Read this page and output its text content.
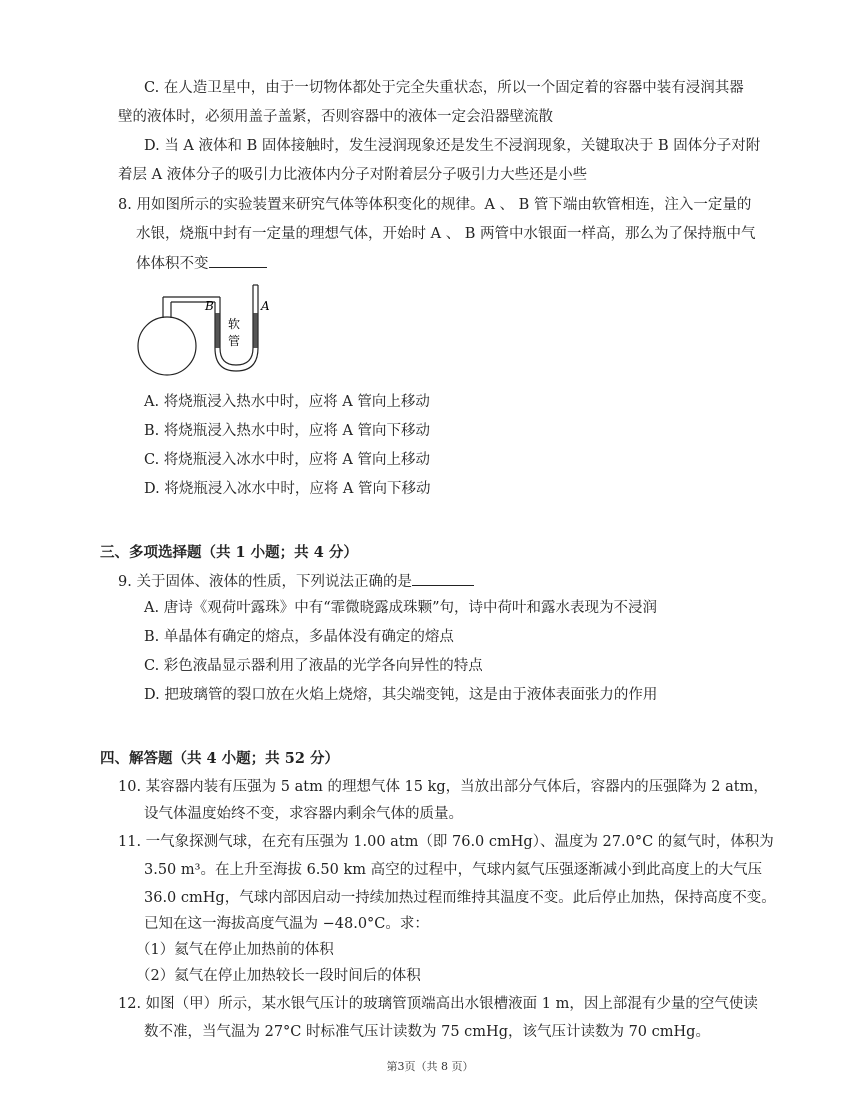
C. 在人造卫星中，由于一切物体都处于完全失重状态，所以一个固定着的容器中装有浸润其器
壁的液体时，必须用盖子盖紧，否则容器中的液体一定会沿器壁流散
D. 当 A 液体和 B 固体接触时，发生浸润现象还是发生不浸润现象，关键取决于 B 固体分子对附
着层 A 液体分子的吸引力比液体内分子对附着层分子吸引力大些还是小些
8. 用如图所示的实验装置来研究气体等体积变化的规律。A 、 B 管下端由软管相连，注入一定量的
水银，烧瓶中封有一定量的理想气体，开始时 A 、 B 两管中水银面一样高，那么为了保持瓶中气
体体积不变
B	A
软
管
A. 将烧瓶浸入热水中时，应将 A 管向上移动
B. 将烧瓶浸入热水中时，应将 A 管向下移动
C. 将烧瓶浸入冰水中时，应将 A 管向上移动
D. 将烧瓶浸入冰水中时，应将 A 管向下移动
三、多项选择题（共 1 小题；共 4 分）
9. 关于固体、液体的性质，下列说法正确的是
A. 唐诗《观荷叶露珠》中有“霏微晓露成珠颗”句，诗中荷叶和露水表现为不浸润
B. 单晶体有确定的熔点，多晶体没有确定的熔点
C. 彩色液晶显示器利用了液晶的光学各向异性的特点
D. 把玻璃管的裂口放在火焰上烧熔，其尖端变钝，这是由于液体表面张力的作用
四、解答题（共 4 小题；共 52 分）
10. 某容器内装有压强为 5 atm 的理想气体 15 kg，当放出部分气体后，容器内的压强降为 2 atm，
设气体温度始终不变，求容器内剩余气体的质量。
11. 一气象探测气球，在充有压强为 1.00 atm（即 76.0 cmHg）、温度为 27.0°C 的氦气时，体积为
3.50 m³。在上升至海拔 6.50 km 高空的过程中，气球内氦气压强逐渐减小到此高度上的大气压
36.0 cmHg，气球内部因启动一持续加热过程而维持其温度不变。此后停止加热，保持高度不变。
已知在这一海拔高度气温为 −48.0°C。求：
（1）氦气在停止加热前的体积
（2）氦气在停止加热较长一段时间后的体积
12. 如图（甲）所示，某水银气压计的玻璃管顶端高出水银槽液面 1 m，因上部混有少量的空气使读
数不准，当气温为 27°C 时标准气压计读数为 75 cmHg，该气压计读数为 70 cmHg。
第3页（共 8 页）
